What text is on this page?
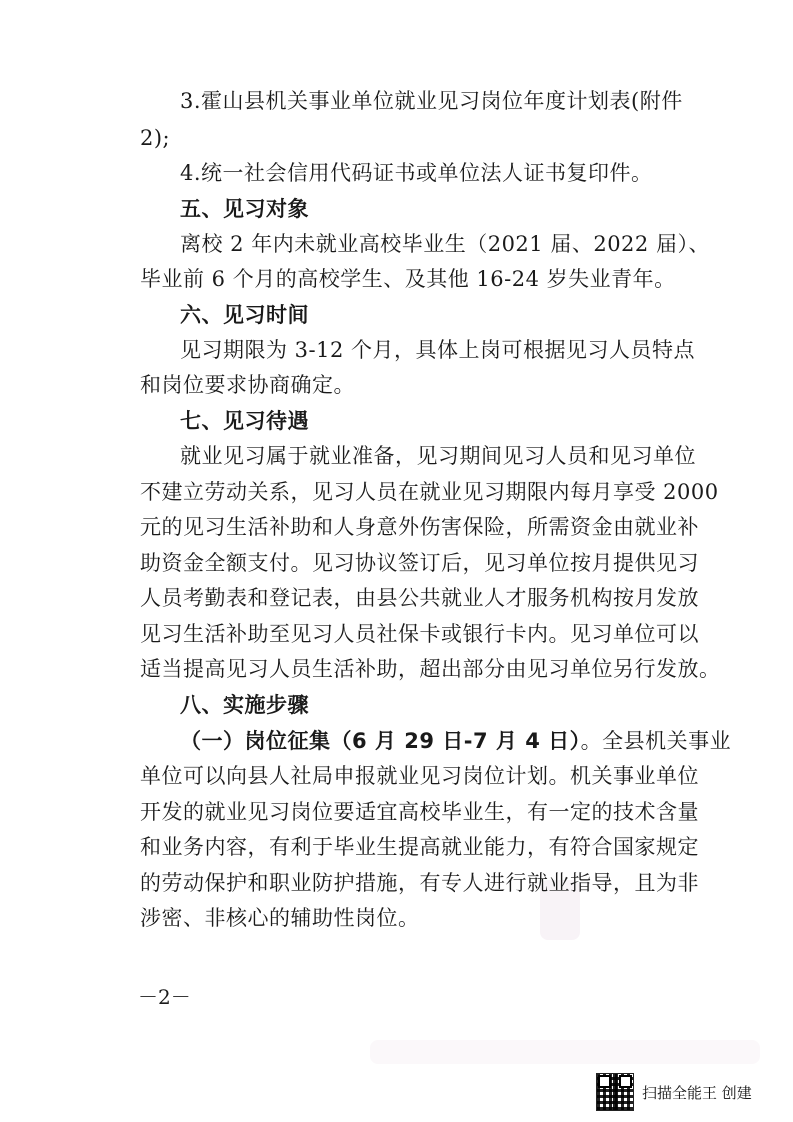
3.霍山县机关事业单位就业见习岗位年度计划表(附件
2);
4.统一社会信用代码证书或单位法人证书复印件。
五、见习对象
离校 2 年内未就业高校毕业生（2021 届、2022 届）、
毕业前 6 个月的高校学生、及其他 16-24 岁失业青年。
六、见习时间
见习期限为 3-12 个月，具体上岗可根据见习人员特点
和岗位要求协商确定。
七、见习待遇
就业见习属于就业准备，见习期间见习人员和见习单位
不建立劳动关系，见习人员在就业见习期限内每月享受 2000
元的见习生活补助和人身意外伤害保险，所需资金由就业补
助资金全额支付。见习协议签订后，见习单位按月提供见习
人员考勤表和登记表，由县公共就业人才服务机构按月发放
见习生活补助至见习人员社保卡或银行卡内。见习单位可以
适当提高见习人员生活补助，超出部分由见习单位另行发放。
八、实施步骤
（一）岗位征集（6 月 29 日-7 月 4 日）。全县机关事业
单位可以向县人社局申报就业见习岗位计划。机关事业单位
开发的就业见习岗位要适宜高校毕业生，有一定的技术含量
和业务内容，有利于毕业生提高就业能力，有符合国家规定
的劳动保护和职业防护措施，有专人进行就业指导，且为非
涉密、非核心的辅助性岗位。
－2－
扫描全能王 创建
